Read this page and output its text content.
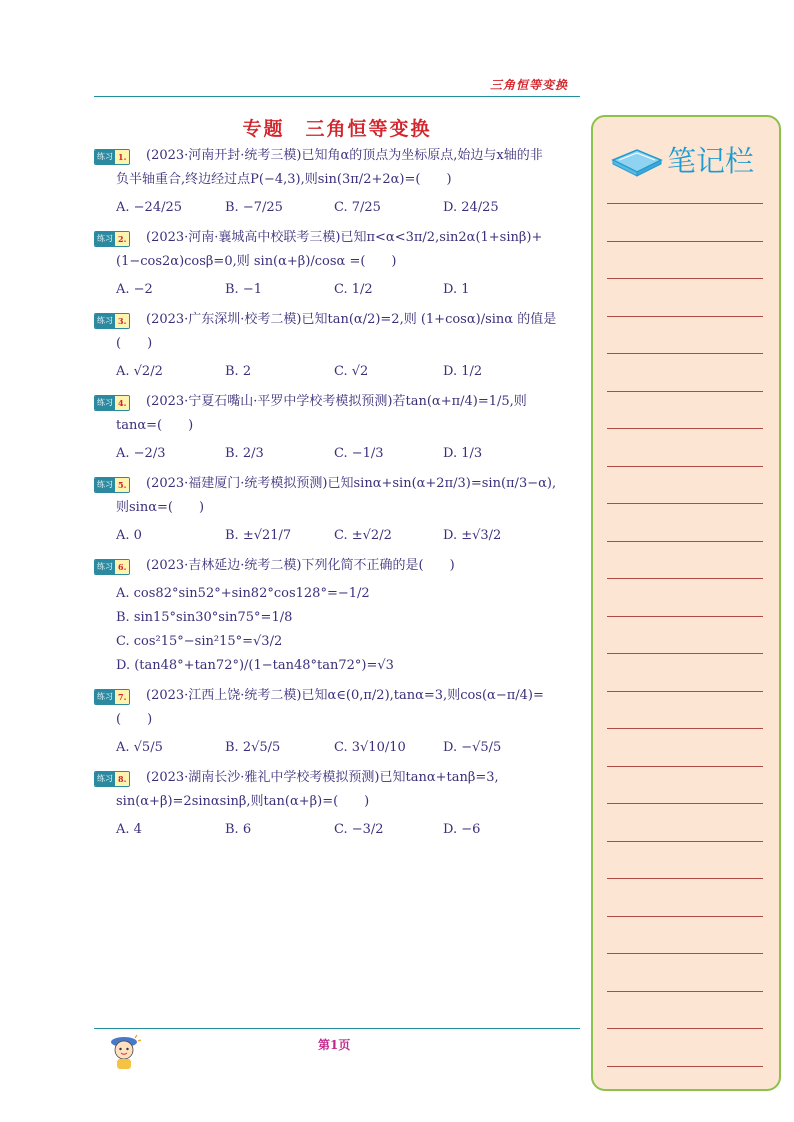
三角恒等变换
专题　三角恒等变换
练习 1. (2023·河南开封·统考三模)已知角α的顶点为坐标原点,始边与x轴的非
负半轴重合,终边经过点P(−4,3),则sin(3π/2+2α)=(　　)
A. −24/25	B. −7/25	C. 7/25	D. 24/25
练习 2. (2023·河南·襄城高中校联考三模)已知π<α<3π/2,sin2α(1+sinβ)+
(1−cos2α)cosβ=0,则 sin(α+β)/cosα =(　　)
A. −2	B. −1	C. 1/2	D. 1
练习 3. (2023·广东深圳·校考二模)已知tan(α/2)=2,则 (1+cosα)/sinα 的值是(　　)
A. √2/2	B. 2	C. √2	D. 1/2
练习 4. (2023·宁夏石嘴山·平罗中学校考模拟预测)若tan(α+π/4)=1/5,则
tanα=(　　)
A. −2/3	B. 2/3	C. −1/3	D. 1/3
练习 5. (2023·福建厦门·统考模拟预测)已知sinα+sin(α+2π/3)=sin(π/3−α),
则sinα=(　　)
A. 0	B. ±√21/7	C. ±√2/2	D. ±√3/2
练习 6. (2023·吉林延边·统考二模)下列化简不正确的是(　　)
A. cos82°sin52°+sin82°cos128°=−1/2
B. sin15°sin30°sin75°=1/8
C. cos²15°−sin²15°=√3/2
D. (tan48°+tan72°)/(1−tan48°tan72°)=√3
练习 7. (2023·江西上饶·统考二模)已知α∈(0,π/2),tanα=3,则cos(α−π/4)=
(　　)
A. √5/5	B. 2√5/5	C. 3√10/10	D. −√5/5
练习 8. (2023·湖南长沙·雅礼中学校考模拟预测)已知tanα+tanβ=3,
sin(α+β)=2sinαsinβ,则tan(α+β)=(　　)
A. 4	B. 6	C. −3/2	D. −6
笔记栏
第1页
